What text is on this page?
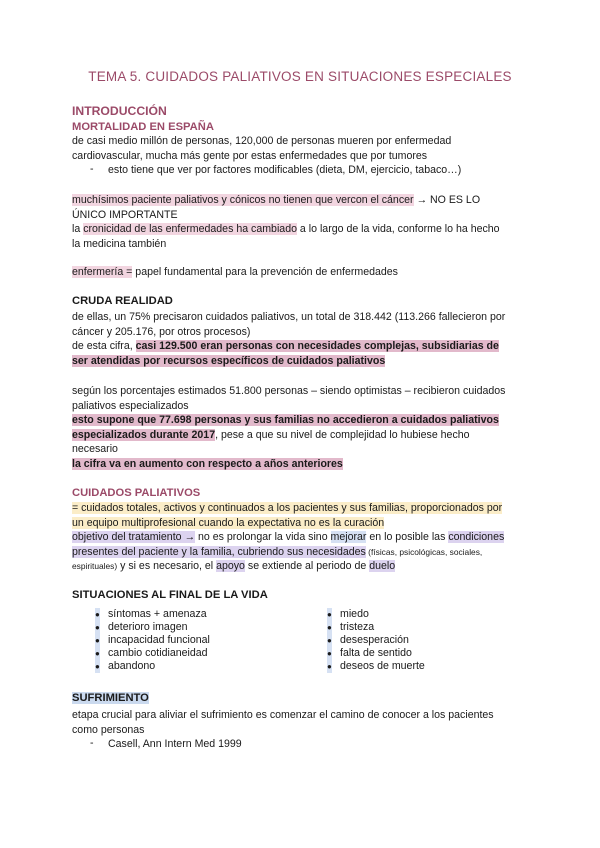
TEMA 5. CUIDADOS PALIATIVOS EN SITUACIONES ESPECIALES
INTRODUCCIÓN
MORTALIDAD EN ESPAÑA
de casi medio millón de personas, 120,000 de personas mueren por enfermedad
cardiovascular, mucha más gente por estas enfermedades que por tumores
- esto tiene que ver por factores modificables (dieta, DM, ejercicio, tabaco…)
muchísimos paciente paliativos y cónicos no tienen que vercon el cáncer → NO ES LO
ÚNICO IMPORTANTE
la cronicidad de las enfermedades ha cambiado a lo largo de la vida, conforme lo ha hecho
la medicina también
enfermería = papel fundamental para la prevención de enfermedades
CRUDA REALIDAD
de ellas, un 75% precisaron cuidados paliativos, un total de 318.442 (113.266 fallecieron por
cáncer y 205.176, por otros procesos)
de esta cifra, casi 129.500 eran personas con necesidades complejas, subsidiarias de
ser atendidas por recursos específicos de cuidados paliativos
según los porcentajes estimados 51.800 personas – siendo optimistas – recibieron cuidados
paliativos especializados
esto supone que 77.698 personas y sus familias no accedieron a cuidados paliativos
especializados durante 2017, pese a que su nivel de complejidad lo hubiese hecho
necesario
la cifra va en aumento con respecto a años anteriores
CUIDADOS PALIATIVOS
= cuidados totales, activos y continuados a los pacientes y sus familias, proporcionados por
un equipo multiprofesional cuando la expectativa no es la curación
objetivo del tratamiento → no es prolongar la vida sino mejorar en lo posible las condiciones
presentes del paciente y la familia, cubriendo sus necesidades (físicas, psicológicas, sociales,
espirituales) y si es necesario, el apoyo se extiende al periodo de duelo
SITUACIONES AL FINAL DE LA VIDA
● síntomas + amenaza
● deterioro imagen
● incapacidad funcional
● cambio cotidianeidad
● abandono
● miedo
● tristeza
● desesperación
● falta de sentido
● deseos de muerte
SUFRIMIENTO
etapa crucial para aliviar el sufrimiento es comenzar el camino de conocer a los pacientes
como personas
- Casell, Ann Intern Med 1999
